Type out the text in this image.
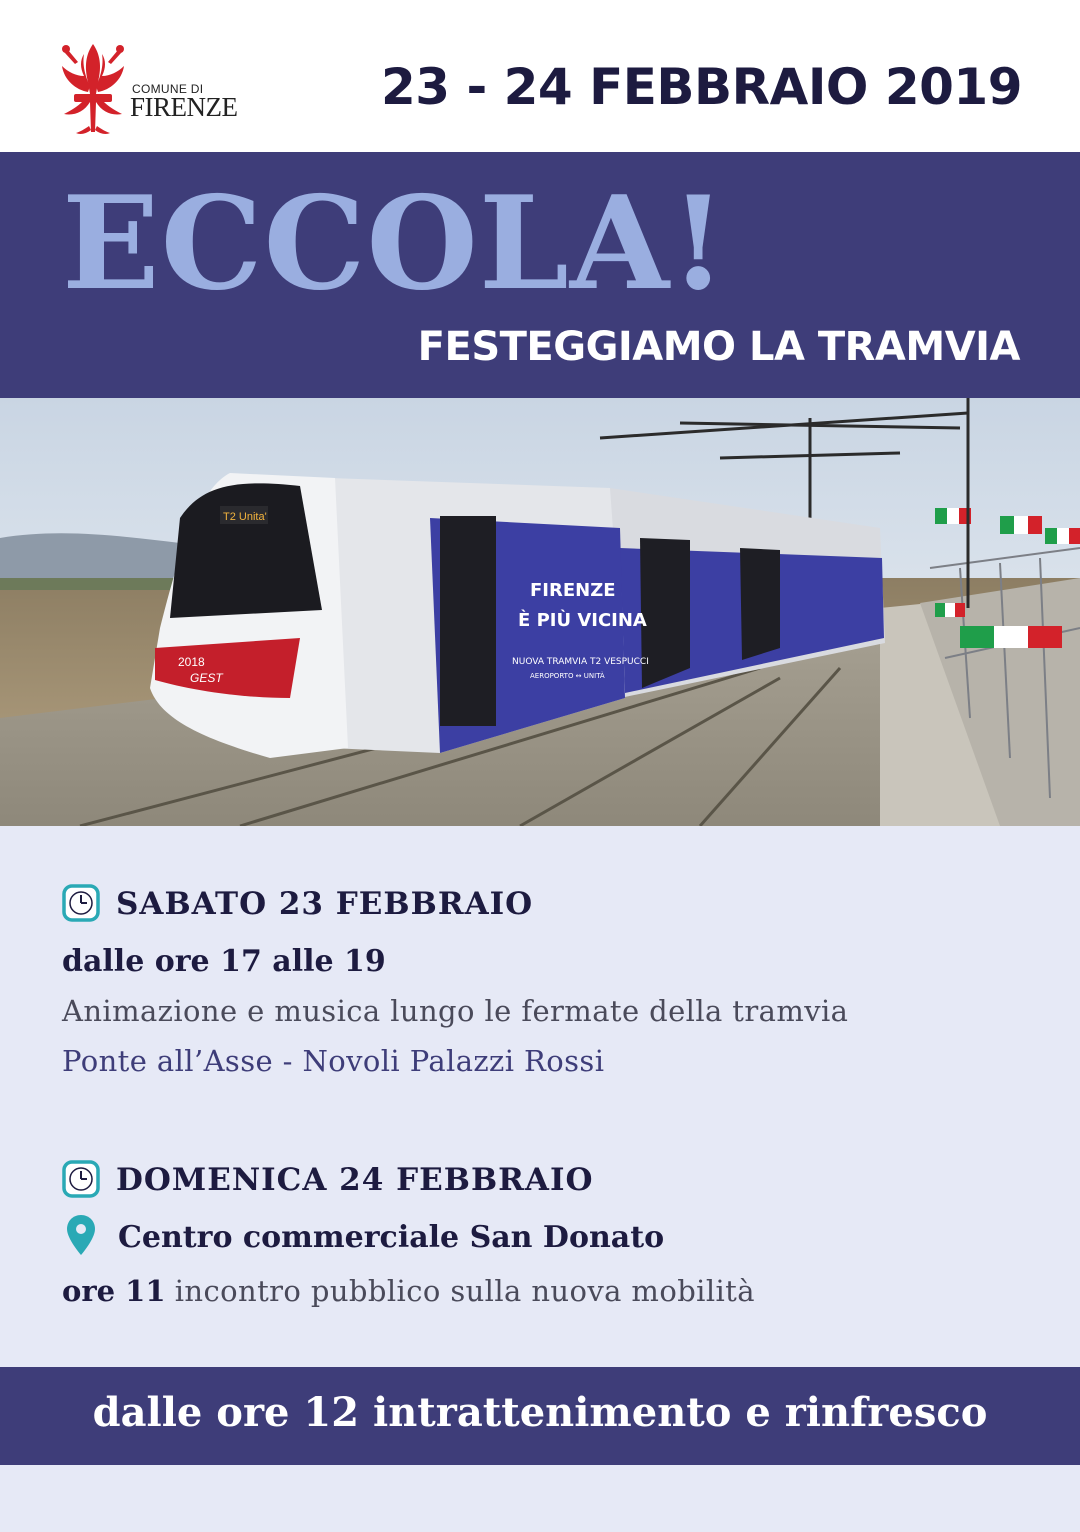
COMUNE DI
FIRENZE	23 - 24 FEBBRAIO 2019
ECCOLA!
FESTEGGIAMO LA TRAMVIA
T2 Unita'
2018
GEST
FIRENZE
È PIÙ VICINA
NUOVA TRAMVIA T2 VESPUCCI
AEROPORTO ↔ UNITÀ
SABATO 23 FEBBRAIO
dalle ore 17 alle 19
Animazione e musica lungo le fermate della tramvia
Ponte all’Asse - Novoli Palazzi Rossi
DOMENICA 24 FEBBRAIO
Centro commerciale San Donato
ore 11 incontro pubblico sulla nuova mobilità
dalle ore 12 intrattenimento e rinfresco
